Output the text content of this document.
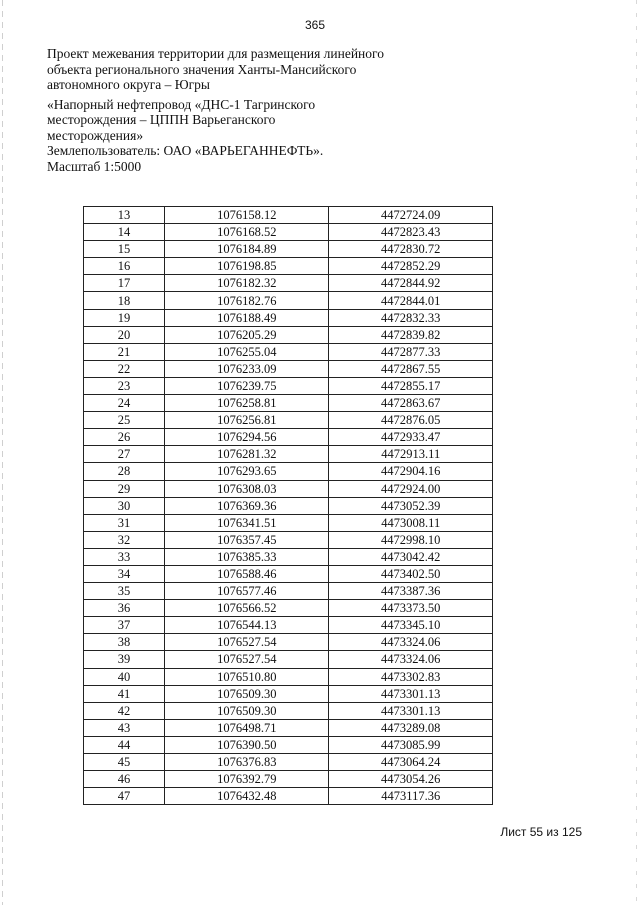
365
Проект межевания территории для размещения линейного
объекта регионального значения Ханты-Мансийского
автономного округа – Югры
«Напорный нефтепровод «ДНС-1 Тагринского
месторождения – ЦППН Варьеганского
месторождения»
Землепользователь: ОАО «ВАРЬЕГАННЕФТЬ».
Масштаб 1:5000
13	1076158.12	4472724.09
14	1076168.52	4472823.43
15	1076184.89	4472830.72
16	1076198.85	4472852.29
17	1076182.32	4472844.92
18	1076182.76	4472844.01
19	1076188.49	4472832.33
20	1076205.29	4472839.82
21	1076255.04	4472877.33
22	1076233.09	4472867.55
23	1076239.75	4472855.17
24	1076258.81	4472863.67
25	1076256.81	4472876.05
26	1076294.56	4472933.47
27	1076281.32	4472913.11
28	1076293.65	4472904.16
29	1076308.03	4472924.00
30	1076369.36	4473052.39
31	1076341.51	4473008.11
32	1076357.45	4472998.10
33	1076385.33	4473042.42
34	1076588.46	4473402.50
35	1076577.46	4473387.36
36	1076566.52	4473373.50
37	1076544.13	4473345.10
38	1076527.54	4473324.06
39	1076527.54	4473324.06
40	1076510.80	4473302.83
41	1076509.30	4473301.13
42	1076509.30	4473301.13
43	1076498.71	4473289.08
44	1076390.50	4473085.99
45	1076376.83	4473064.24
46	1076392.79	4473054.26
47	1076432.48	4473117.36
Лист 55 из 125
